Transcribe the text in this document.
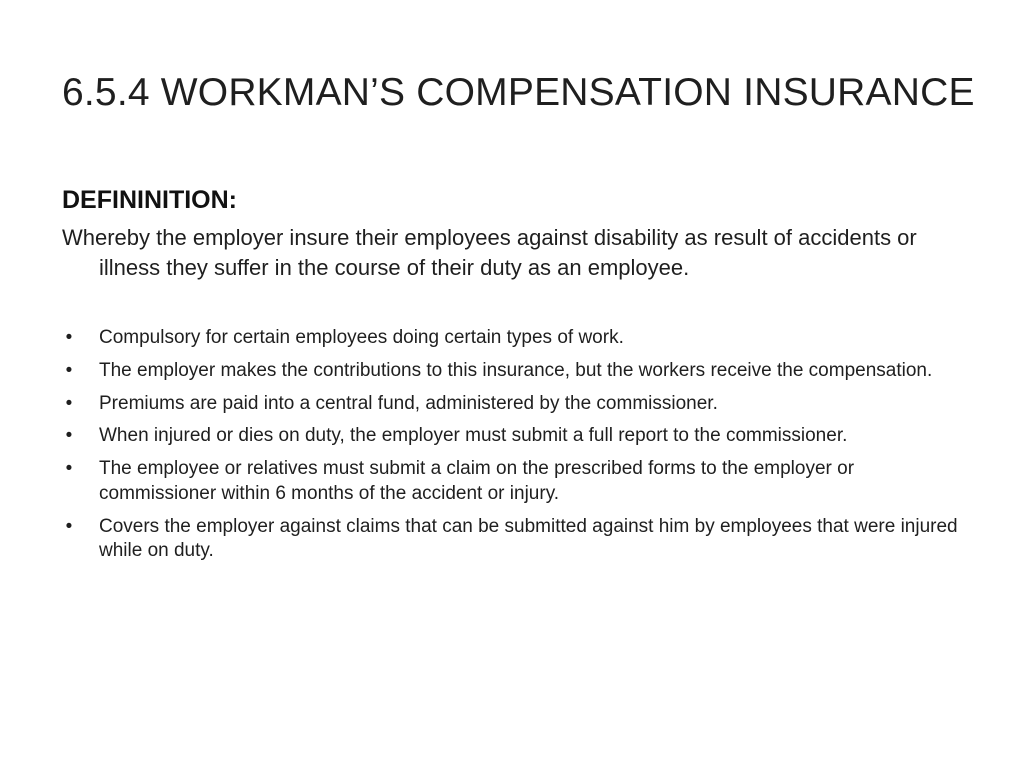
6.5.4 WORKMAN’S COMPENSATION INSURANCE
DEFININITION:

Whereby the employer insure their employees against disability as result of accidents or illness they suffer in the course of their duty as an employee.

• Compulsory for certain employees doing certain types of work.
• The employer makes the contributions to this insurance, but the workers receive the compensation.
• Premiums are paid into a central fund, administered by the commissioner.
• When injured or dies on duty, the employer must submit a full report to the commissioner.
• The employee or relatives must submit a claim on the prescribed forms to the employer or commissioner within 6 months of the accident or injury.
• Covers the employer against claims that can be submitted against him by employees that were injured while on duty.
